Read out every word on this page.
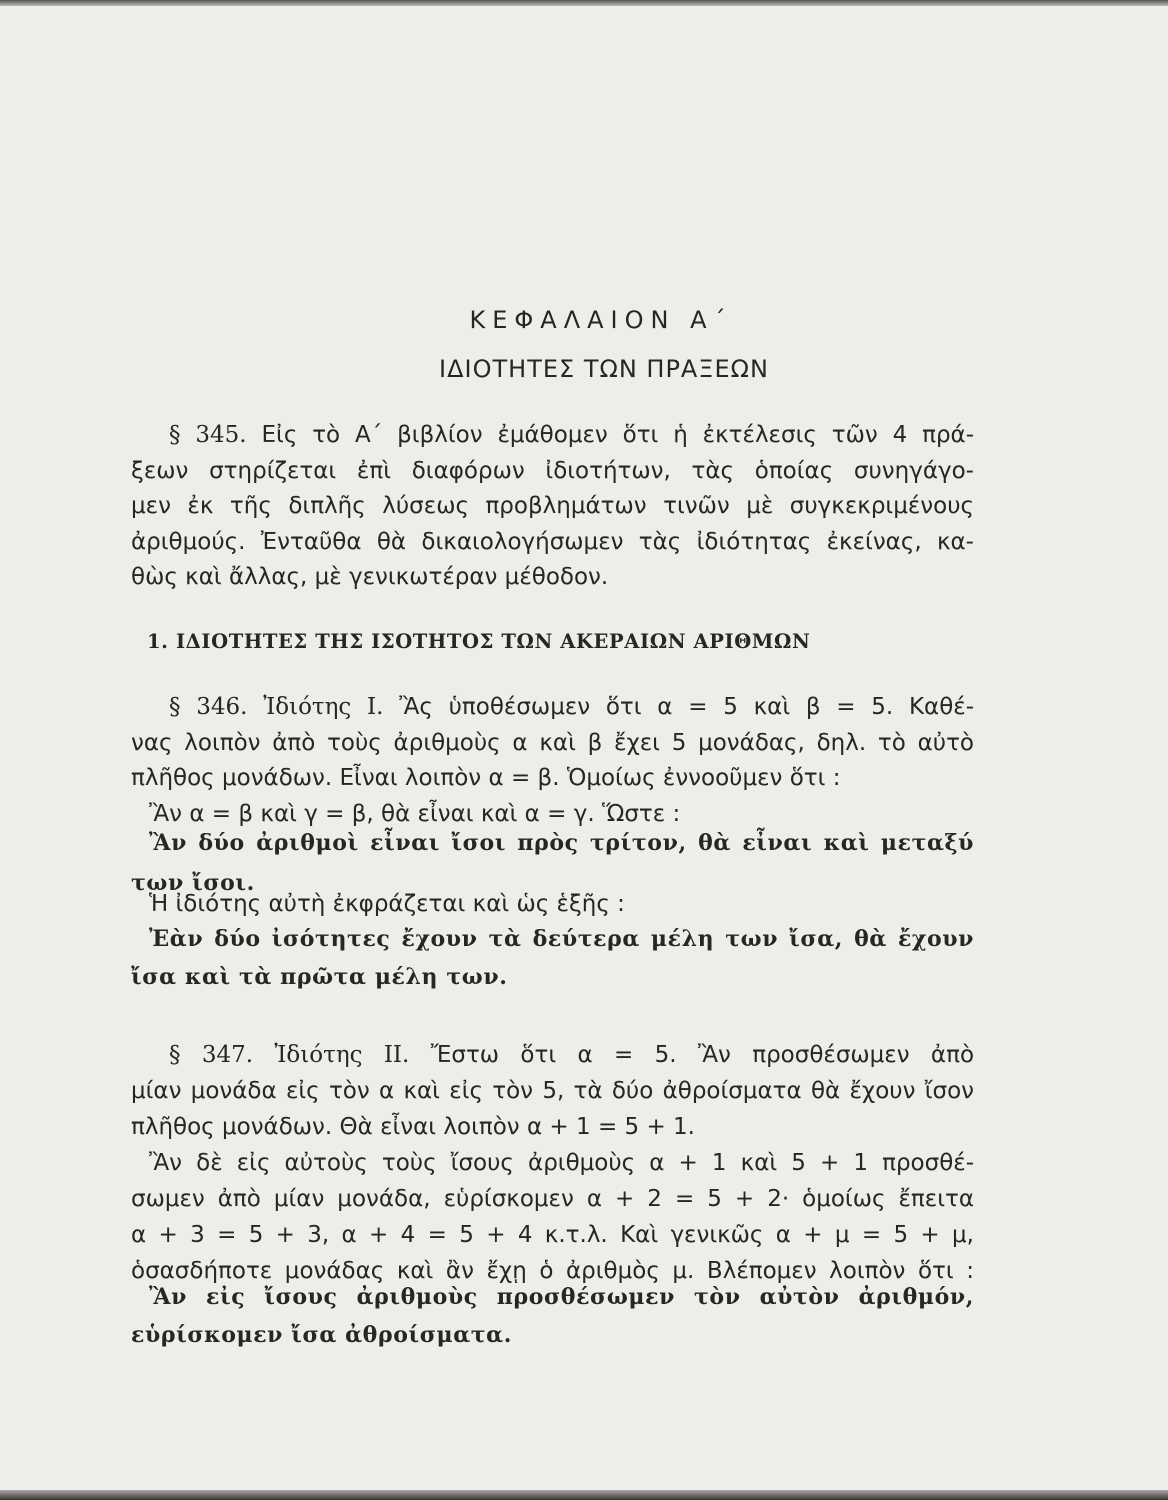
ΚΕΦΑΛΑΙΟΝ Α΄
ΙΔΙΟΤΗΤΕΣ ΤΩΝ ΠΡΑΞΕΩΝ
§ 345. Εἰς τὸ Α΄ βιβλίον ἐμάθομεν ὅτι ἡ ἐκτέλεσις τῶν 4 πρά-
ξεων στηρίζεται ἐπὶ διαφόρων ἰδιοτήτων, τὰς ὁποίας συνηγάγο-
μεν ἐκ τῆς διπλῆς λύσεως προβλημάτων τινῶν μὲ συγκεκριμένους
ἀριθμούς. Ἐνταῦθα θὰ δικαιολογήσωμεν τὰς ἰδιότητας ἐκείνας, κα-
θὼς καὶ ἄλλας, μὲ γενικωτέραν μέθοδον.
1. ΙΔΙΟΤΗΤΕΣ ΤΗΣ ΙΣΟΤΗΤΟΣ ΤΩΝ ΑΚΕΡΑΙΩΝ ΑΡΙΘΜΩΝ
§ 346. Ἰδιότης I. Ἂς ὑποθέσωμεν ὅτι α = 5 καὶ β = 5. Καθέ-
νας λοιπὸν ἀπὸ τοὺς ἀριθμοὺς α καὶ β ἔχει 5 μονάδας, δηλ. τὸ αὐτὸ
πλῆθος μονάδων. Εἶναι λοιπὸν α = β. Ὁμοίως ἐννοοῦμεν ὅτι :
Ἂν α = β καὶ γ = β, θὰ εἶναι καὶ α = γ. Ὥστε :
Ἂν δύο ἀριθμοὶ εἶναι ἴσοι πρὸς τρίτον, θὰ εἶναι καὶ μεταξύ
των ἴσοι.
Ἡ ἰδιότης αὐτὴ ἐκφράζεται καὶ ὡς ἑξῆς :
Ἐὰν δύο ἰσότητες ἔχουν τὰ δεύτερα μέλη των ἴσα, θὰ ἔχουν
ἴσα καὶ τὰ πρῶτα μέλη των.
§ 347. Ἰδιότης II. Ἔστω ὅτι α = 5. Ἂν προσθέσωμεν ἀπὸ
μίαν μονάδα εἰς τὸν α καὶ εἰς τὸν 5, τὰ δύο ἀθροίσματα θὰ ἔχουν ἴσον
πλῆθος μονάδων. Θὰ εἶναι λοιπὸν α + 1 = 5 + 1.
Ἂν δὲ εἰς αὐτοὺς τοὺς ἴσους ἀριθμοὺς α + 1 καὶ 5 + 1 προσθέ-
σωμεν ἀπὸ μίαν μονάδα, εὑρίσκομεν α + 2 = 5 + 2· ὁμοίως ἔπειτα
α + 3 = 5 + 3, α + 4 = 5 + 4 κ.τ.λ. Καὶ γενικῶς α + μ = 5 + μ,
ὁσασδήποτε μονάδας καὶ ἂν ἔχῃ ὁ ἀριθμὸς μ. Βλέπομεν λοιπὸν ὅτι :
Ἂν εἰς ἴσους ἀριθμοὺς προσθέσωμεν τὸν αὐτὸν ἀριθμόν,
εὑρίσκομεν ἴσα ἀθροίσματα.
